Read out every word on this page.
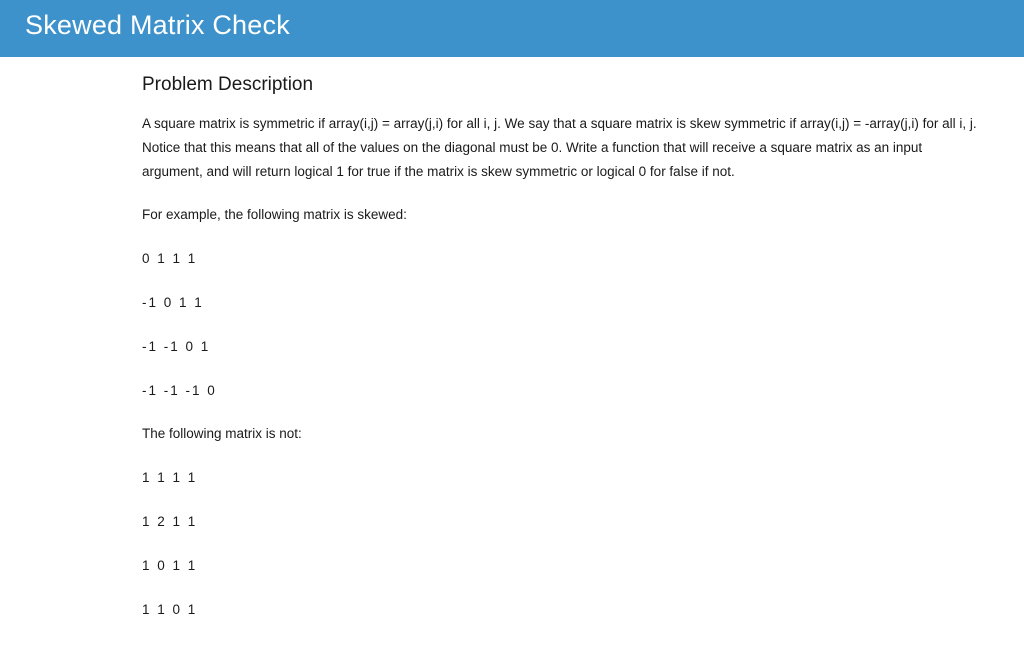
Skewed Matrix Check
Problem Description

A square matrix is symmetric if array(i,j) = array(j,i) for all i, j. We say that a square matrix is skew symmetric if array(i,j) = -array(j,i) for all i, j. Notice that this means that all of the values on the diagonal must be 0. Write a function that will receive a square matrix as an input argument, and will return logical 1 for true if the matrix is skew symmetric or logical 0 for false if not.

For example, the following matrix is skewed:
0 1 1 1
-1 0 1 1
-1 -1 0 1
-1 -1 -1 0
The following matrix is not:
1 1 1 1
1 2 1 1
1 0 1 1
1 1 0 1
